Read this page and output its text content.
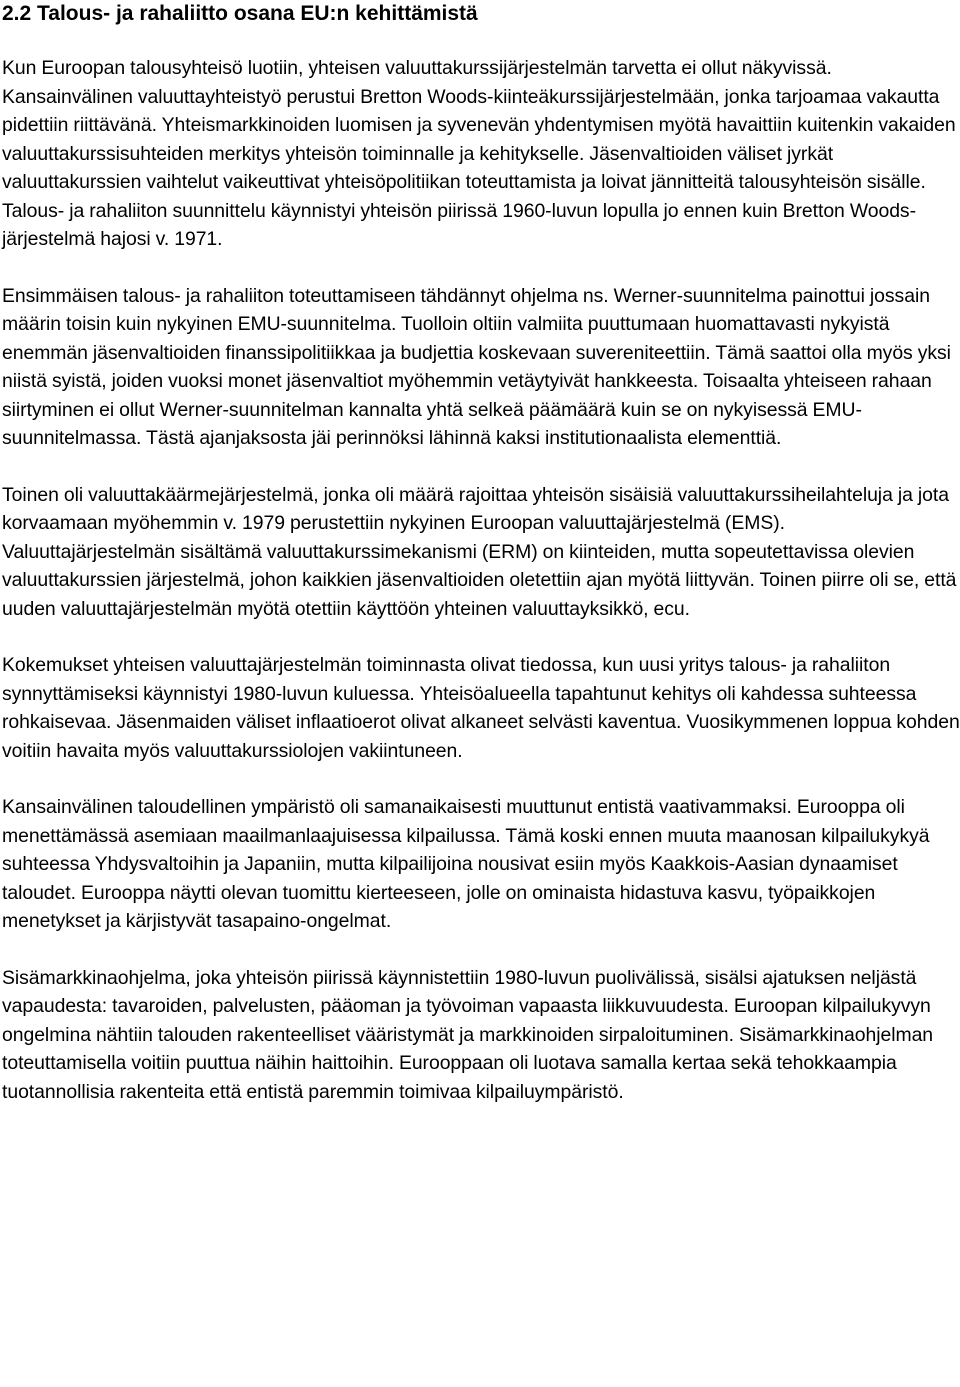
2.2 Talous- ja rahaliitto osana EU:n kehittämistä

Kun Euroopan talousyhteisö luotiin, yhteisen valuuttakurssijärjestelmän tarvetta ei ollut näkyvissä. Kansainvälinen valuuttayhteistyö perustui Bretton Woods-kiinteäkurssijärjestelmään, jonka tarjoamaa vakautta pidettiin riittävänä. Yhteismarkkinoiden luomisen ja syvenevän yhdentymisen myötä havaittiin kuitenkin vakaiden valuuttakurssisuhteiden merkitys yhteisön toiminnalle ja kehitykselle. Jäsenvaltioiden väliset jyrkät valuuttakurssien vaihtelut vaikeuttivat yhteisöpolitiikan toteuttamista ja loivat jännitteitä talousyhteisön sisälle. Talous- ja rahaliiton suunnittelu käynnistyi yhteisön piirissä 1960-luvun lopulla jo ennen kuin Bretton Woods-järjestelmä hajosi v. 1971.

Ensimmäisen talous- ja rahaliiton toteuttamiseen tähdännyt ohjelma ns. Werner-suunnitelma painottui jossain määrin toisin kuin nykyinen EMU-suunnitelma. Tuolloin oltiin valmiita puuttumaan huomattavasti nykyistä enemmän jäsenvaltioiden finanssipolitiikkaa ja budjettia koskevaan suvereniteettiin. Tämä saattoi olla myös yksi niistä syistä, joiden vuoksi monet jäsenvaltiot myöhemmin vetäytyivät hankkeesta. Toisaalta yhteiseen rahaan siirtyminen ei ollut Werner-suunnitelman kannalta yhtä selkeä päämäärä kuin se on nykyisessä EMU-suunnitelmassa. Tästä ajanjaksosta jäi perinnöksi lähinnä kaksi institutionaalista elementtiä.

Toinen oli valuuttakäärmejärjestelmä, jonka oli määrä rajoittaa yhteisön sisäisiä valuuttakurssiheilahteluja ja jota korvaamaan myöhemmin v. 1979 perustettiin nykyinen Euroopan valuuttajärjestelmä (EMS). Valuuttajärjestelmän sisältämä valuuttakurssimekanismi (ERM) on kiinteiden, mutta sopeutettavissa olevien valuuttakurssien järjestelmä, johon kaikkien jäsenvaltioiden oletettiin ajan myötä liittyvän. Toinen piirre oli se, että uuden valuuttajärjestelmän myötä otettiin käyttöön yhteinen valuuttayksikkö, ecu.

Kokemukset yhteisen valuuttajärjestelmän toiminnasta olivat tiedossa, kun uusi yritys talous- ja rahaliiton synnyttämiseksi käynnistyi 1980-luvun kuluessa. Yhteisöalueella tapahtunut kehitys oli kahdessa suhteessa rohkaisevaa. Jäsenmaiden väliset inflaatioerot olivat alkaneet selvästi kaventua. Vuosikymmenen loppua kohden voitiin havaita myös valuuttakurssiolojen vakiintuneen.

Kansainvälinen taloudellinen ympäristö oli samanaikaisesti muuttunut entistä vaativammaksi. Eurooppa oli menettämässä asemiaan maailmanlaajuisessa kilpailussa. Tämä koski ennen muuta maanosan kilpailukykyä suhteessa Yhdysvaltoihin ja Japaniin, mutta kilpailijoina nousivat esiin myös Kaakkois-Aasian dynaamiset taloudet. Eurooppa näytti olevan tuomittu kierteeseen, jolle on ominaista hidastuva kasvu, työpaikkojen menetykset ja kärjistyvät tasapaino-ongelmat.

Sisämarkkinaohjelma, joka yhteisön piirissä käynnistettiin 1980-luvun puolivälissä, sisälsi ajatuksen neljästä vapaudesta: tavaroiden, palvelusten, pääoman ja työvoiman vapaasta liikkuvuudesta. Euroopan kilpailukyvyn ongelmina nähtiin talouden rakenteelliset vääristymät ja markkinoiden sirpaloituminen. Sisämarkkinaohjelman toteuttamisella voitiin puuttua näihin haittoihin. Eurooppaan oli luotava samalla kertaa sekä tehokkaampia tuotannollisia rakenteita että entistä paremmin toimivaa kilpailuympäristö.
